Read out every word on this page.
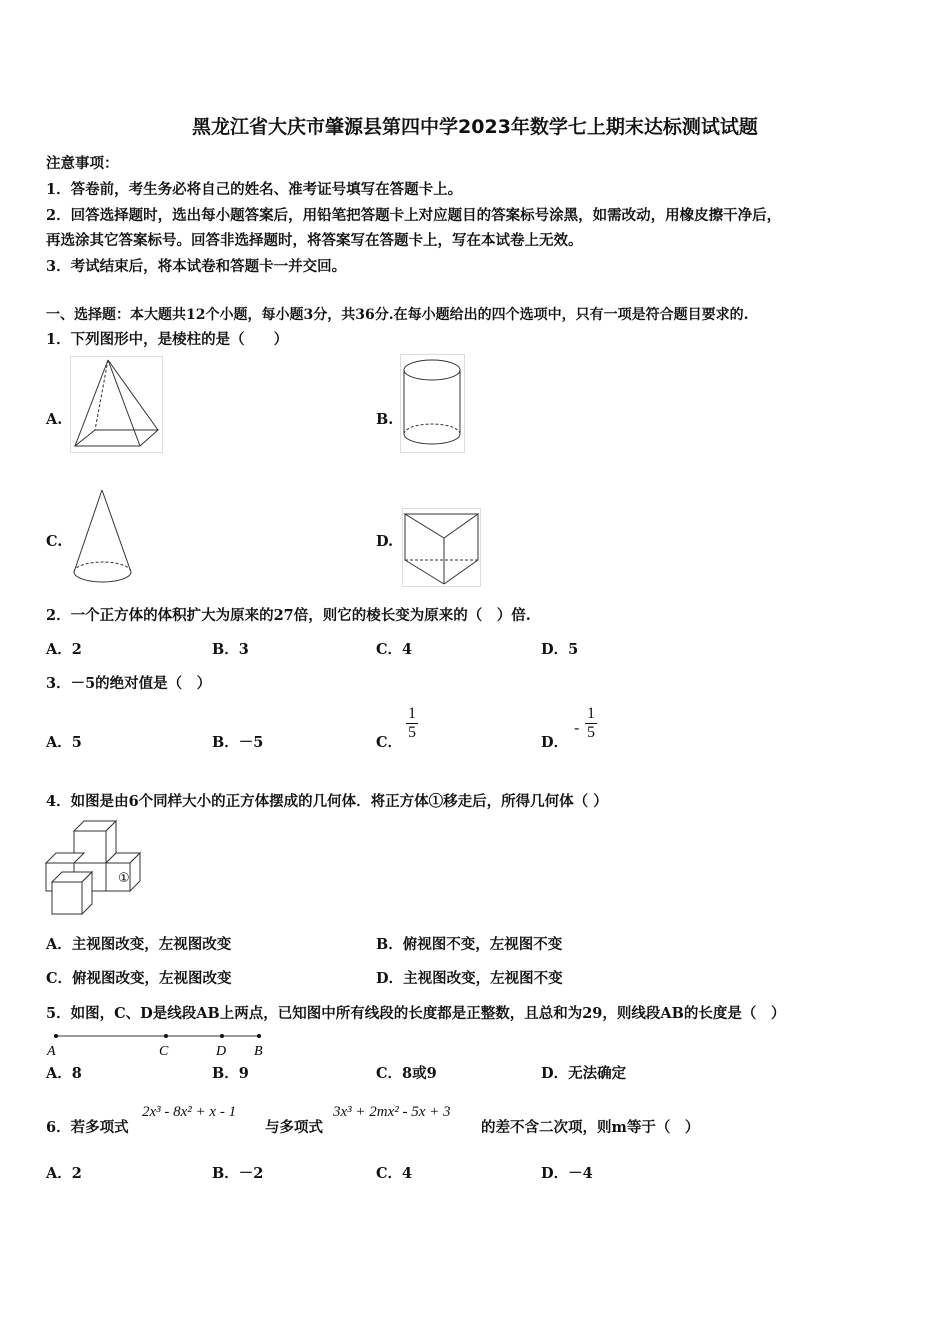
黑龙江省大庆市肇源县第四中学2023年数学七上期末达标测试试题
注意事项：
1．答卷前，考生务必将自己的姓名、准考证号填写在答题卡上。
2．回答选择题时，选出每小题答案后，用铅笔把答题卡上对应题目的答案标号涂黑，如需改动，用橡皮擦干净后，
再选涂其它答案标号。回答非选择题时，将答案写在答题卡上，写在本试卷上无效。
3．考试结束后，将本试卷和答题卡一并交回。
一、选择题：本大题共12个小题，每小题3分，共36分.在每小题给出的四个选项中，只有一项是符合题目要求的.
1．下列图形中，是棱柱的是（　　）
A.	B.
C.	D.
2．一个正方体的体积扩大为原来的27倍，则它的棱长变为原来的（　）倍.
A．2	B．3	C．4	D．5
3．－5的绝对值是（　）
A．5	B．－5	C．
$\frac{1}{5}$
D．
- $\frac{1}{5}$
4．如图是由6个同样大小的正方体摆成的几何体．将正方体①移走后，所得几何体（ ）
①
A．主视图改变，左视图改变	B．俯视图不变，左视图不变
C．俯视图改变，左视图改变	D．主视图改变，左视图不变
5．如图，C、D是线段AB上两点，已知图中所有线段的长度都是正整数，且总和为29，则线段AB的长度是（　）
A	C	D B
A．8	B．9	C．8或9	D．无法确定
6．若多项式
2x³ - 8x² + x - 1
与多项式
3x³ + 2mx² - 5x + 3
的差不含二次项，则m等于（　）
A．2	B．－2	C．4	D．－4
